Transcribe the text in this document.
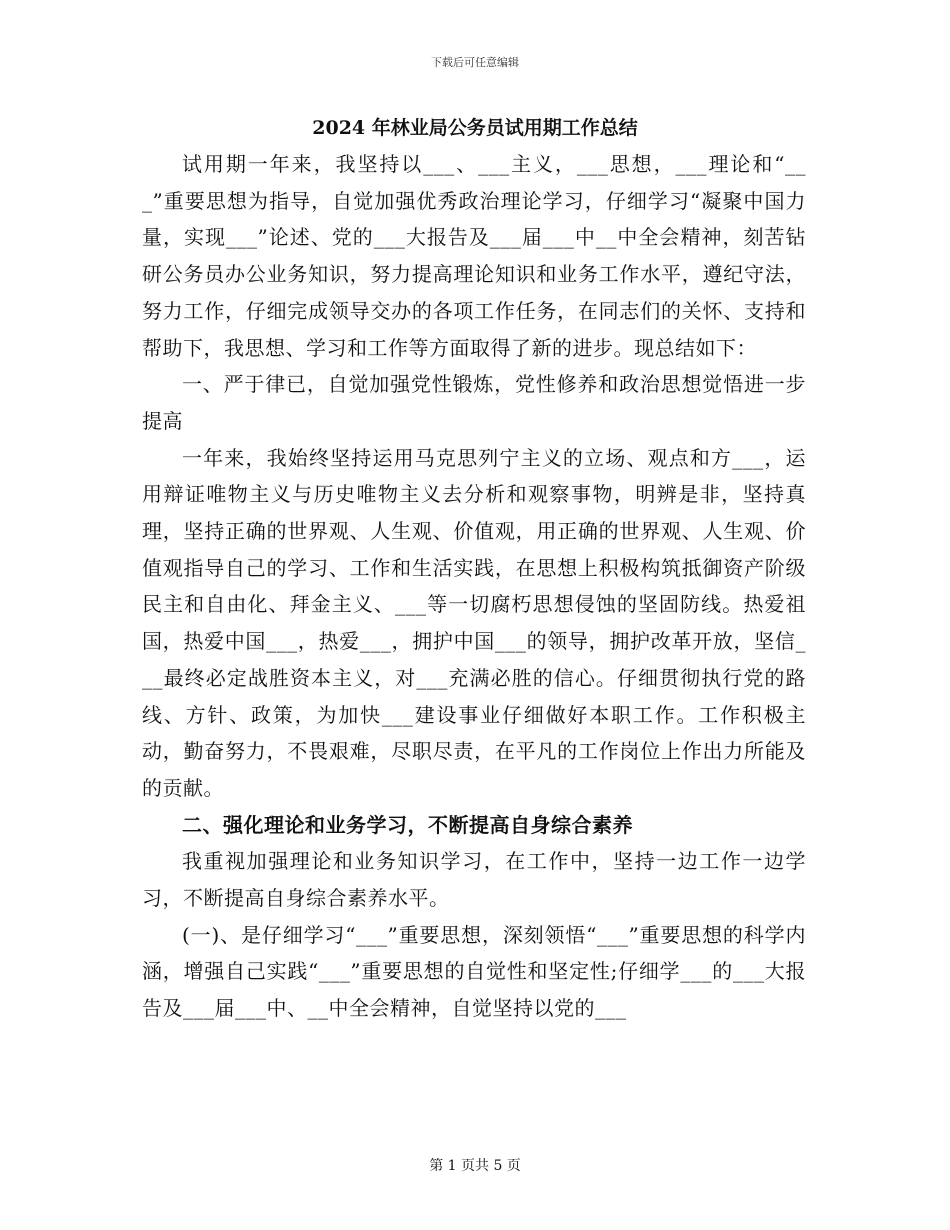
下载后可任意编辑
2024 年林业局公务员试用期工作总结

试用期一年来，我坚持以___、___主义，___思想，___理论和“___”重要思想为指导，自觉加强优秀政治理论学习，仔细学习“凝聚中国力量，实现___”论述、党的___大报告及___届___中__中全会精神，刻苦钻研公务员办公业务知识，努力提高理论知识和业务工作水平，遵纪守法，努力工作，仔细完成领导交办的各项工作任务，在同志们的关怀、支持和帮助下，我思想、学习和工作等方面取得了新的进步。现总结如下：

一、严于律已，自觉加强党性锻炼，党性修养和政治思想觉悟进一步提高

一年来，我始终坚持运用马克思列宁主义的立场、观点和方___，运用辩证唯物主义与历史唯物主义去分析和观察事物，明辨是非，坚持真理，坚持正确的世界观、人生观、价值观，用正确的世界观、人生观、价值观指导自己的学习、工作和生活实践，在思想上积极构筑抵御资产阶级民主和自由化、拜金主义、___等一切腐朽思想侵蚀的坚固防线。热爱祖国，热爱中国___，热爱___，拥护中国___的领导，拥护改革开放，坚信___最终必定战胜资本主义，对___充满必胜的信心。仔细贯彻执行党的路线、方针、政策，为加快___建设事业仔细做好本职工作。工作积极主动，勤奋努力，不畏艰难，尽职尽责，在平凡的工作岗位上作出力所能及的贡献。

二、强化理论和业务学习，不断提高自身综合素养

我重视加强理论和业务知识学习，在工作中，坚持一边工作一边学习，不断提高自身综合素养水平。

(一)、是仔细学习“___”重要思想，深刻领悟“___”重要思想的科学内涵，增强自己实践“___”重要思想的自觉性和坚定性;仔细学___的___大报告及___届___中、__中全会精神，自觉坚持以党的___

第 1 页共 5 页
